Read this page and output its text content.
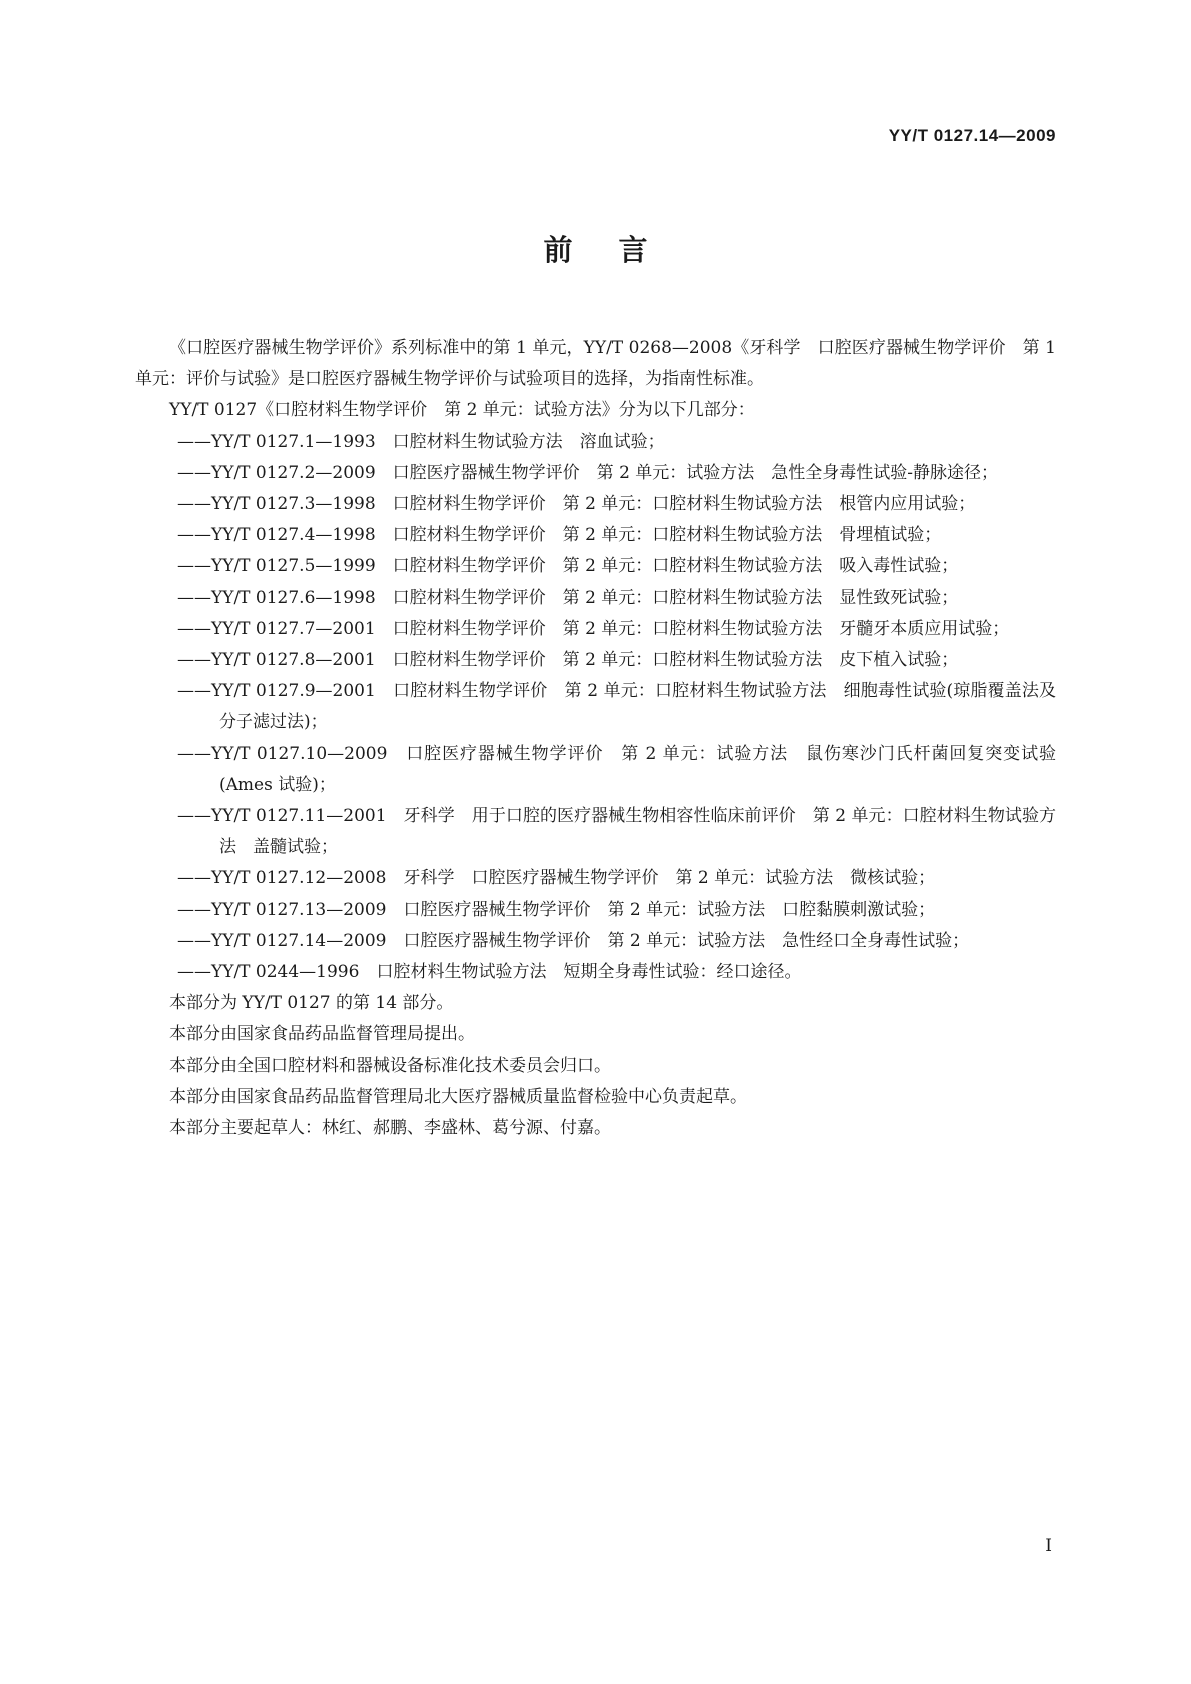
YY/T 0127.14—2009
前言

《口腔医疗器械生物学评价》系列标准中的第 1 单元，YY/T 0268—2008《牙科学　口腔医疗器械生物学评价　第 1 单元：评价与试验》是口腔医疗器械生物学评价与试验项目的选择，为指南性标准。

YY/T 0127《口腔材料生物学评价　第 2 单元：试验方法》分为以下几部分：

——YY/T 0127.1—1993　口腔材料生物试验方法　溶血试验；

——YY/T 0127.2—2009　口腔医疗器械生物学评价　第 2 单元：试验方法　急性全身毒性试验-静脉途径；

——YY/T 0127.3—1998　口腔材料生物学评价　第 2 单元：口腔材料生物试验方法　根管内应用试验；

——YY/T 0127.4—1998　口腔材料生物学评价　第 2 单元：口腔材料生物试验方法　骨埋植试验；

——YY/T 0127.5—1999　口腔材料生物学评价　第 2 单元：口腔材料生物试验方法　吸入毒性试验；

——YY/T 0127.6—1998　口腔材料生物学评价　第 2 单元：口腔材料生物试验方法　显性致死试验；

——YY/T 0127.7—2001　口腔材料生物学评价　第 2 单元：口腔材料生物试验方法　牙髓牙本质应用试验；

——YY/T 0127.8—2001　口腔材料生物学评价　第 2 单元：口腔材料生物试验方法　皮下植入试验；

——YY/T 0127.9—2001　口腔材料生物学评价　第 2 单元：口腔材料生物试验方法　细胞毒性试验(琼脂覆盖法及分子滤过法)；

——YY/T 0127.10—2009　口腔医疗器械生物学评价　第 2 单元：试验方法　鼠伤寒沙门氏杆菌回复突变试验(Ames 试验)；

——YY/T 0127.11—2001　牙科学　用于口腔的医疗器械生物相容性临床前评价　第 2 单元：口腔材料生物试验方法　盖髓试验；

——YY/T 0127.12—2008　牙科学　口腔医疗器械生物学评价　第 2 单元：试验方法　微核试验；

——YY/T 0127.13—2009　口腔医疗器械生物学评价　第 2 单元：试验方法　口腔黏膜刺激试验；

——YY/T 0127.14—2009　口腔医疗器械生物学评价　第 2 单元：试验方法　急性经口全身毒性试验；

——YY/T 0244—1996　口腔材料生物试验方法　短期全身毒性试验：经口途径。

本部分为 YY/T 0127 的第 14 部分。

本部分由国家食品药品监督管理局提出。

本部分由全国口腔材料和器械设备标准化技术委员会归口。

本部分由国家食品药品监督管理局北大医疗器械质量监督检验中心负责起草。

本部分主要起草人：林红、郝鹏、李盛林、葛兮源、付嘉。

I
